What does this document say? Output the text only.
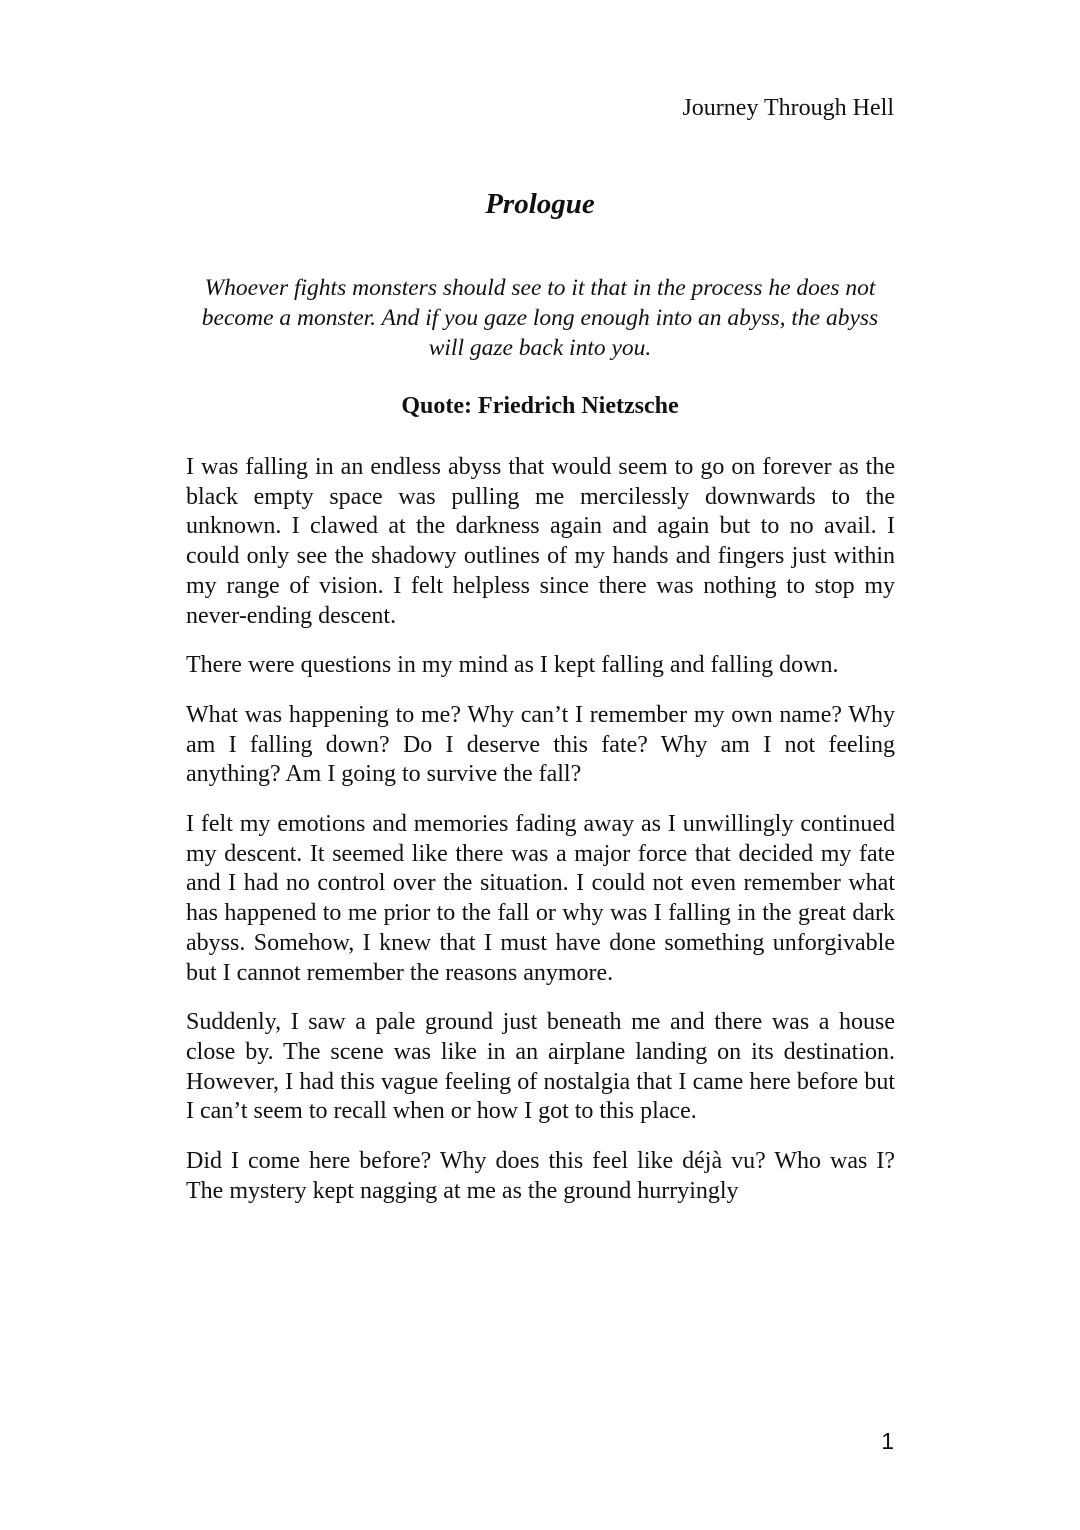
Journey Through Hell
Prologue

Whoever fights monsters should see to it that in the process he does not become a monster. And if you gaze long enough into an abyss, the abyss will gaze back into you.

Quote: Friedrich Nietzsche

I was falling in an endless abyss that would seem to go on forever as the black empty space was pulling me mercilessly downwards to the unknown. I clawed at the darkness again and again but to no avail. I could only see the shadowy outlines of my hands and fingers just within my range of vision. I felt helpless since there was nothing to stop my never-ending descent.

There were questions in my mind as I kept falling and falling down.

What was happening to me? Why can’t I remember my own name? Why am I falling down? Do I deserve this fate? Why am I not feeling anything? Am I going to survive the fall?

I felt my emotions and memories fading away as I unwillingly continued my descent. It seemed like there was a major force that decided my fate and I had no control over the situation. I could not even remember what has happened to me prior to the fall or why was I falling in the great dark abyss. Somehow, I knew that I must have done something unforgivable but I cannot remember the reasons anymore.

Suddenly, I saw a pale ground just beneath me and there was a house close by. The scene was like in an airplane landing on its destination. However, I had this vague feeling of nostalgia that I came here before but I can’t seem to recall when or how I got to this place.

Did I come here before? Why does this feel like déjà vu? Who was I? The mystery kept nagging at me as the ground hurryingly

1
